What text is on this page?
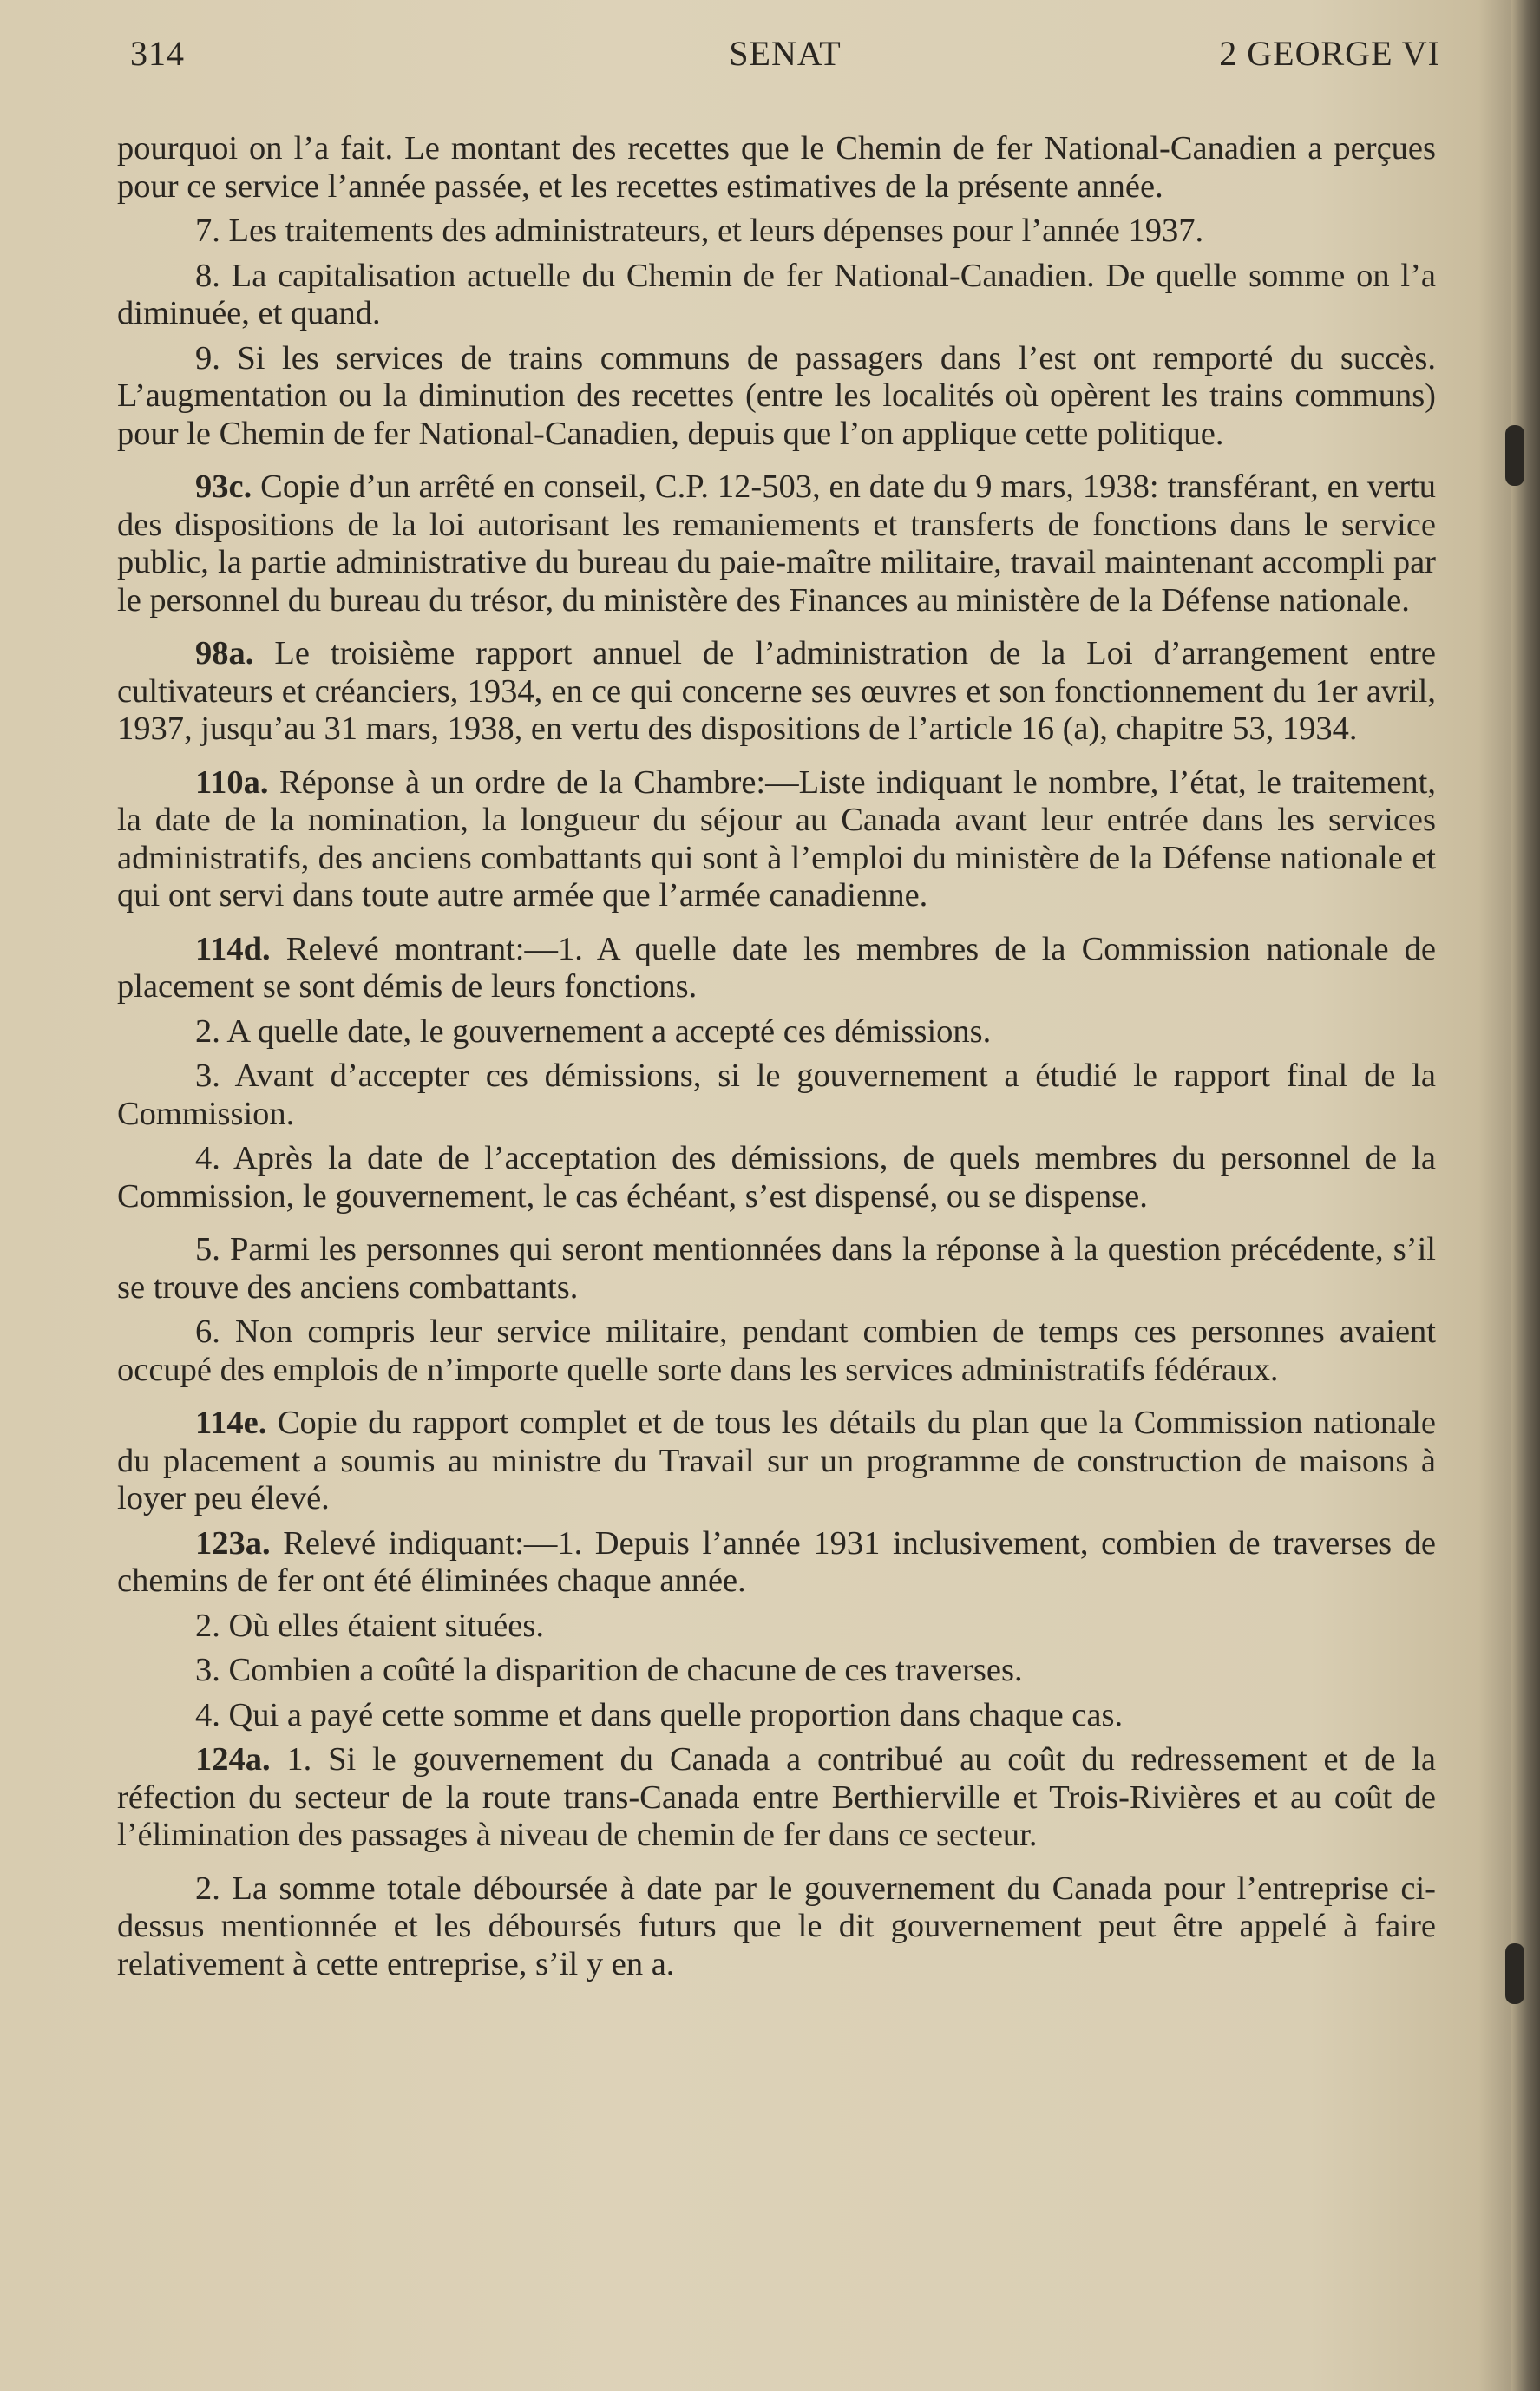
314	SENAT	2 GEORGE VI

pourquoi on l’a fait. Le montant des recettes que le Chemin de fer National-Canadien a perçues pour ce service l’année passée, et les recettes estimatives de la présente année.

7. Les traitements des administrateurs, et leurs dépenses pour l’année 1937.

8. La capitalisation actuelle du Chemin de fer National-Canadien. De quelle somme on l’a diminuée, et quand.

9. Si les services de trains communs de passagers dans l’est ont remporté du succès. L’augmentation ou la diminution des recettes (entre les localités où opèrent les trains communs) pour le Chemin de fer National-Canadien, depuis que l’on applique cette politique.

93c. Copie d’un arrêté en conseil, C.P. 12-503, en date du 9 mars, 1938: transférant, en vertu des dispositions de la loi autorisant les remaniements et transferts de fonctions dans le service public, la partie administrative du bureau du paie-maître militaire, travail maintenant accompli par le personnel du bureau du trésor, du ministère des Finances au ministère de la Défense nationale.

98a. Le troisième rapport annuel de l’administration de la Loi d’arrangement entre cultivateurs et créanciers, 1934, en ce qui concerne ses œuvres et son fonctionnement du 1er avril, 1937, jusqu’au 31 mars, 1938, en vertu des dispositions de l’article 16 (a), chapitre 53, 1934.

110a. Réponse à un ordre de la Chambre:—Liste indiquant le nombre, l’état, le traitement, la date de la nomination, la longueur du séjour au Canada avant leur entrée dans les services administratifs, des anciens combattants qui sont à l’emploi du ministère de la Défense nationale et qui ont servi dans toute autre armée que l’armée canadienne.

114d. Relevé montrant:—1. A quelle date les membres de la Commission nationale de placement se sont démis de leurs fonctions.

2. A quelle date, le gouvernement a accepté ces démissions.

3. Avant d’accepter ces démissions, si le gouvernement a étudié le rapport final de la Commission.

4. Après la date de l’acceptation des démissions, de quels membres du personnel de la Commission, le gouvernement, le cas échéant, s’est dispensé, ou se dispense.

5. Parmi les personnes qui seront mentionnées dans la réponse à la question précédente, s’il se trouve des anciens combattants.

6. Non compris leur service militaire, pendant combien de temps ces personnes avaient occupé des emplois de n’importe quelle sorte dans les services administratifs fédéraux.

114e. Copie du rapport complet et de tous les détails du plan que la Commission nationale du placement a soumis au ministre du Travail sur un programme de construction de maisons à loyer peu élevé.

123a. Relevé indiquant:—1. Depuis l’année 1931 inclusivement, combien de traverses de chemins de fer ont été éliminées chaque année.

2. Où elles étaient situées.

3. Combien a coûté la disparition de chacune de ces traverses.

4. Qui a payé cette somme et dans quelle proportion dans chaque cas.

124a. 1. Si le gouvernement du Canada a contribué au coût du redressement et de la réfection du secteur de la route trans-Canada entre Berthierville et Trois-Rivières et au coût de l’élimination des passages à niveau de chemin de fer dans ce secteur.

2. La somme totale déboursée à date par le gouvernement du Canada pour l’entreprise ci-dessus mentionnée et les déboursés futurs que le dit gouvernement peut être appelé à faire relativement à cette entreprise, s’il y en a.
